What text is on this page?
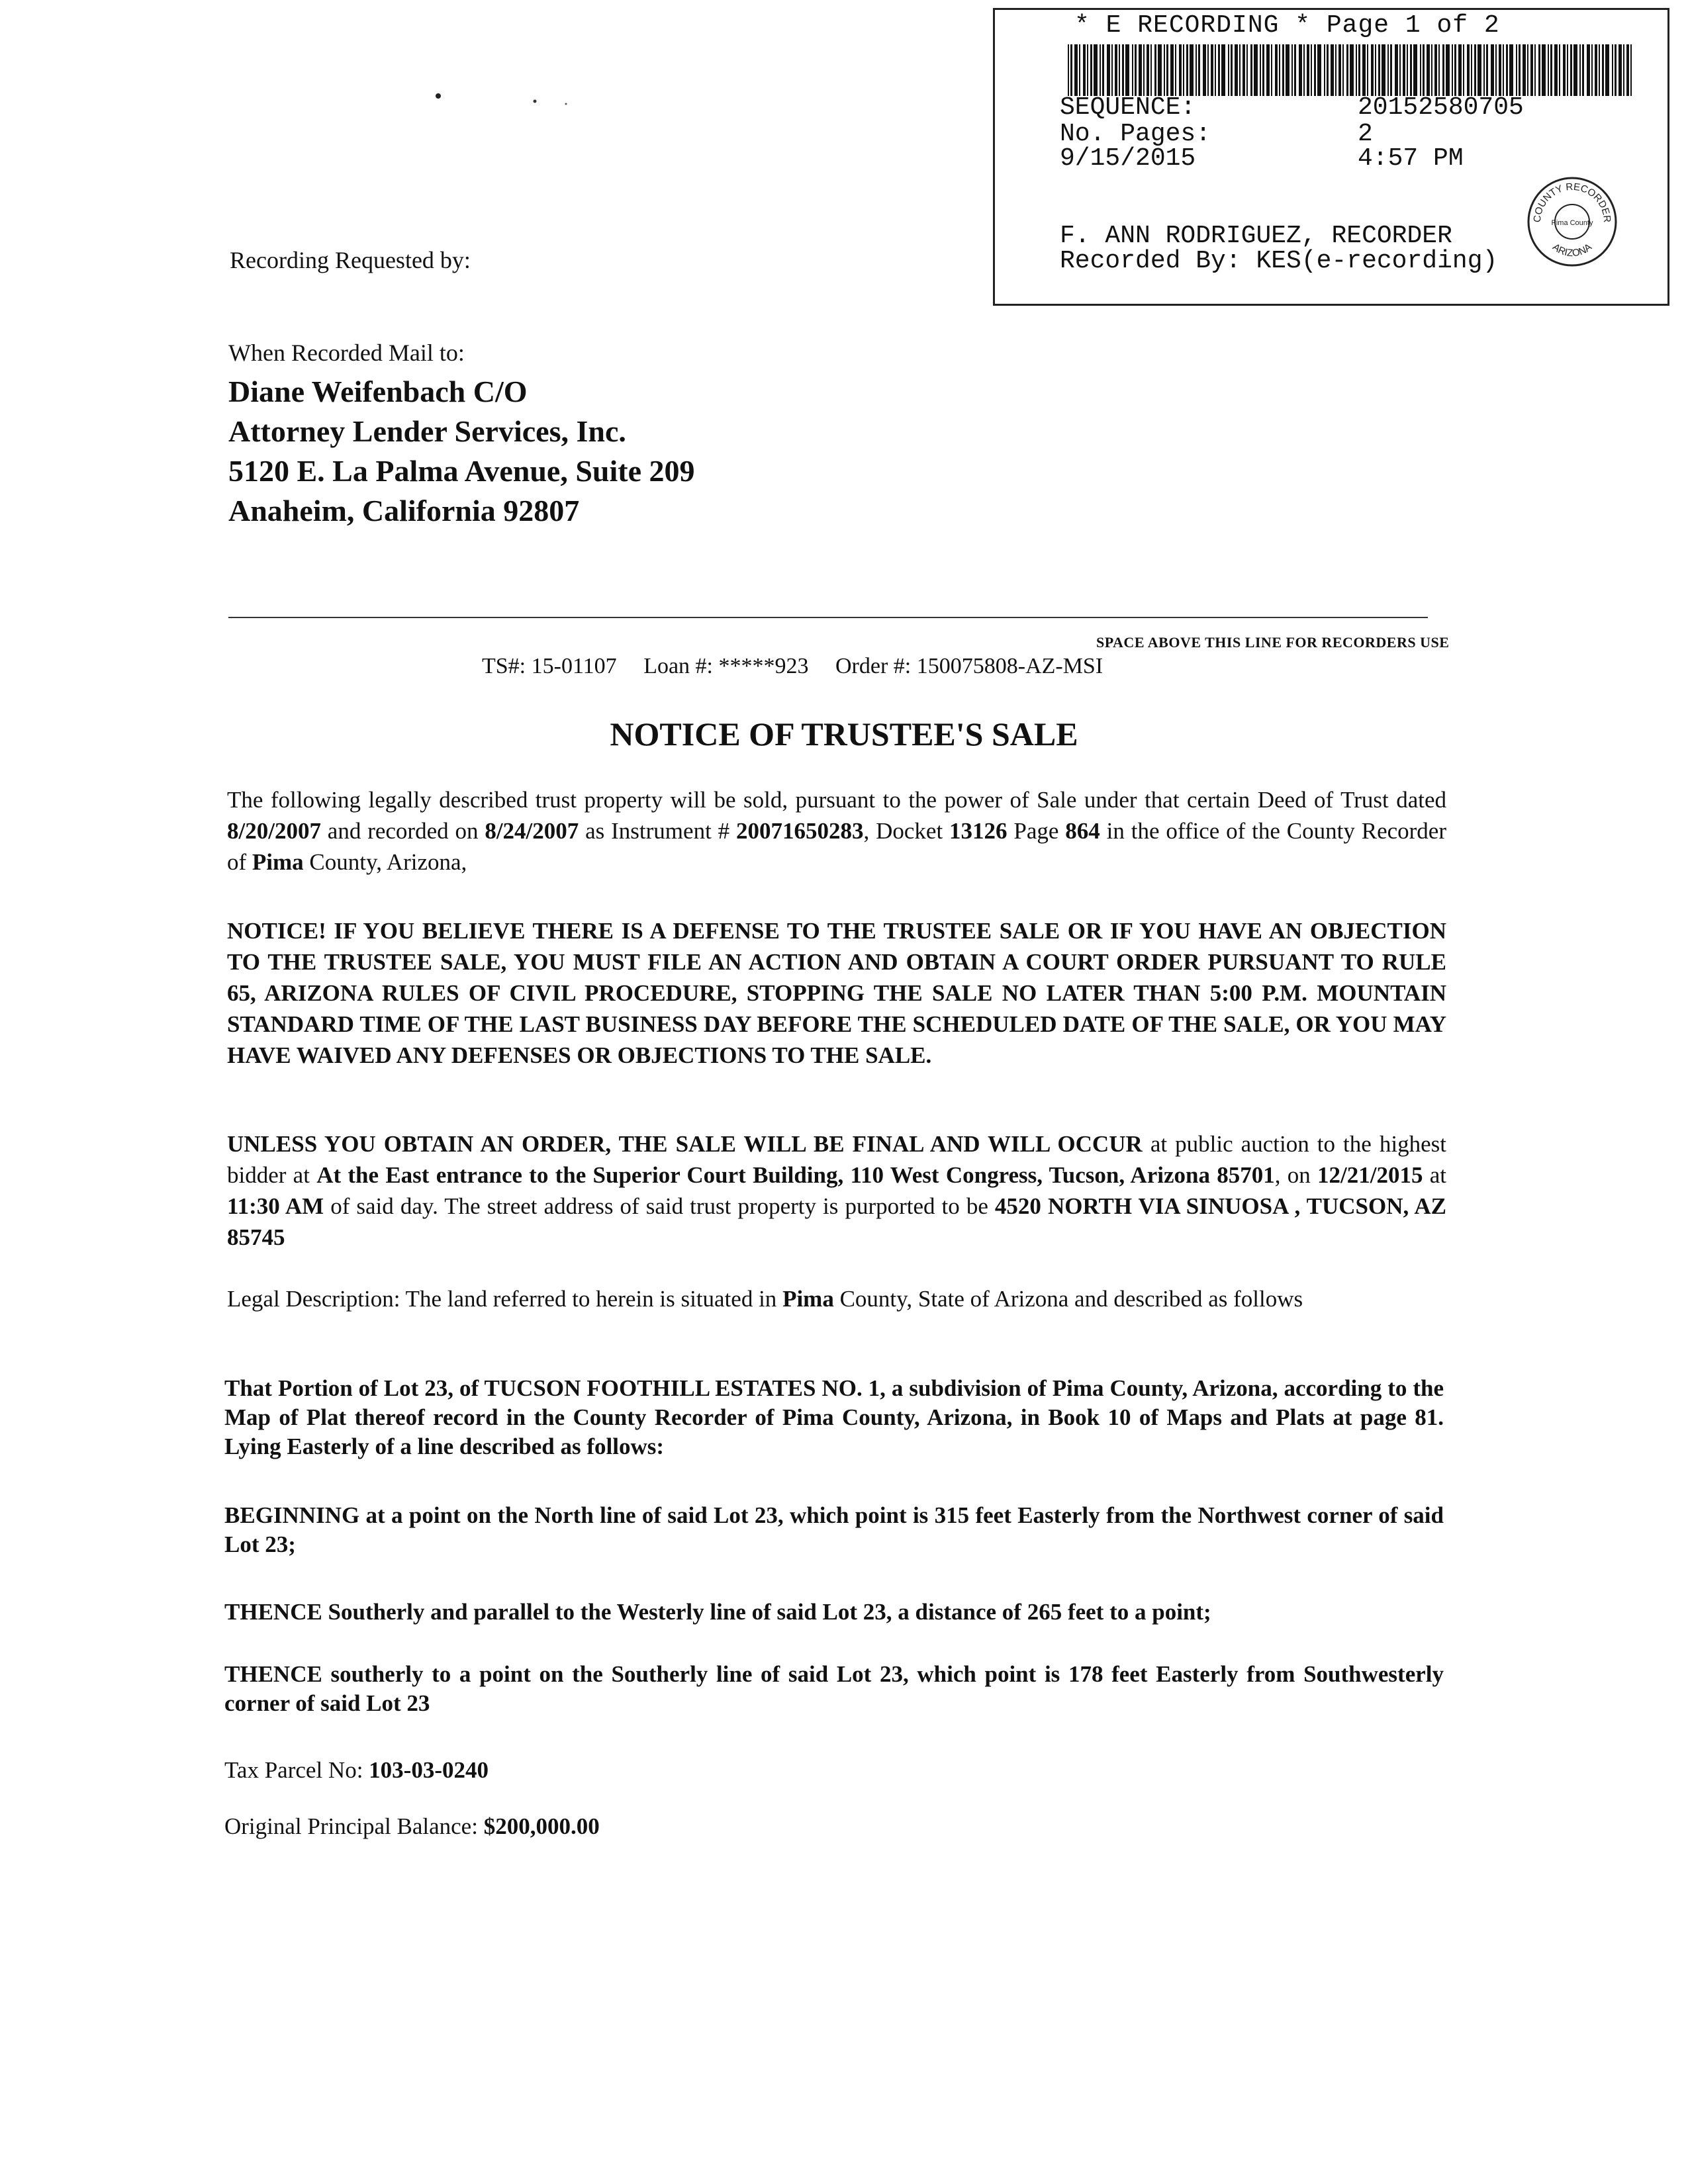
* E RECORDING * Page 1 of 2
SEQUENCE:	20152580705
No. Pages:	2
9/15/2015	4:57 PM
F. ANN RODRIGUEZ, RECORDER
Recorded By: KES(e-recording)
COUNTY RECORDER
ARIZONA
Pima County
Recording Requested by:
When Recorded Mail to:
Diane Weifenbach C/O
Attorney Lender Services, Inc.
5120 E. La Palma Avenue, Suite 209
Anaheim, California 92807
SPACE ABOVE THIS LINE FOR RECORDERS USE
TS#: 15-01107 Loan #: *****923 Order #: 150075808-AZ-MSI
NOTICE OF TRUSTEE'S SALE
The following legally described trust property will be sold, pursuant to the power of Sale under that certain Deed of Trust dated 8/20/2007 and recorded on 8/24/2007 as Instrument # 20071650283, Docket 13126 Page 864 in the office of the County Recorder of Pima County, Arizona,
NOTICE! IF YOU BELIEVE THERE IS A DEFENSE TO THE TRUSTEE SALE OR IF YOU HAVE AN OBJECTION TO THE TRUSTEE SALE, YOU MUST FILE AN ACTION AND OBTAIN A COURT ORDER PURSUANT TO RULE 65, ARIZONA RULES OF CIVIL PROCEDURE, STOPPING THE SALE NO LATER THAN 5:00 P.M. MOUNTAIN STANDARD TIME OF THE LAST BUSINESS DAY BEFORE THE SCHEDULED DATE OF THE SALE, OR YOU MAY HAVE WAIVED ANY DEFENSES OR OBJECTIONS TO THE SALE.
UNLESS YOU OBTAIN AN ORDER, THE SALE WILL BE FINAL AND WILL OCCUR at public auction to the highest bidder at At the East entrance to the Superior Court Building, 110 West Congress, Tucson, Arizona 85701, on 12/21/2015 at 11:30 AM of said day. The street address of said trust property is purported to be 4520 NORTH VIA SINUOSA , TUCSON, AZ 85745
Legal Description: The land referred to herein is situated in Pima County, State of Arizona and described as follows
That Portion of Lot 23, of TUCSON FOOTHILL ESTATES NO. 1, a subdivision of Pima County, Arizona, according to the Map of Plat thereof record in the County Recorder of Pima County, Arizona, in Book 10 of Maps and Plats at page 81. Lying Easterly of a line described as follows:
BEGINNING at a point on the North line of said Lot 23, which point is 315 feet Easterly from the Northwest corner of said Lot 23;
THENCE Southerly and parallel to the Westerly line of said Lot 23, a distance of 265 feet to a point;
THENCE southerly to a point on the Southerly line of said Lot 23, which point is 178 feet Easterly from Southwesterly corner of said Lot 23
Tax Parcel No: 103-03-0240
Original Principal Balance: $200,000.00
